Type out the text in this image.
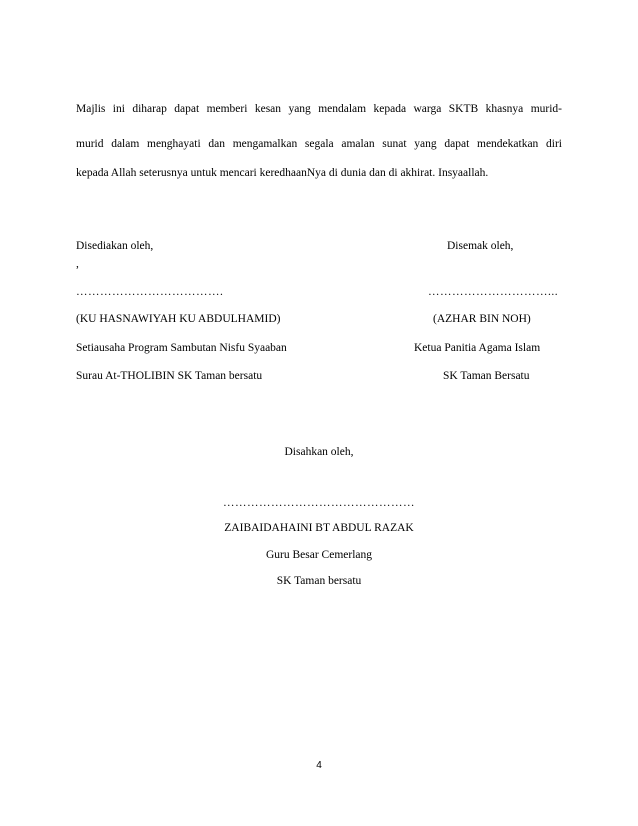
Majlis ini diharap dapat memberi kesan yang mendalam kepada warga SKTB khasnya murid-
murid dalam menghayati dan mengamalkan segala amalan sunat yang dapat mendekatkan diri
kepada Allah seterusnya untuk mencari keredhaanNya di dunia dan di akhirat. Insyaallah.
Disediakan oleh,
,
……………………………….
(KU HASNAWIYAH KU ABDULHAMID)
Setiausaha Program Sambutan Nisfu Syaaban
Surau At-THOLIBIN SK Taman bersatu
Disemak oleh,
…………………………...
(AZHAR BIN NOH)
Ketua Panitia Agama Islam
SK Taman Bersatu
Disahkan oleh,
…………………………………………
ZAIBAIDAHAINI BT ABDUL RAZAK
Guru Besar Cemerlang
SK Taman bersatu
4
